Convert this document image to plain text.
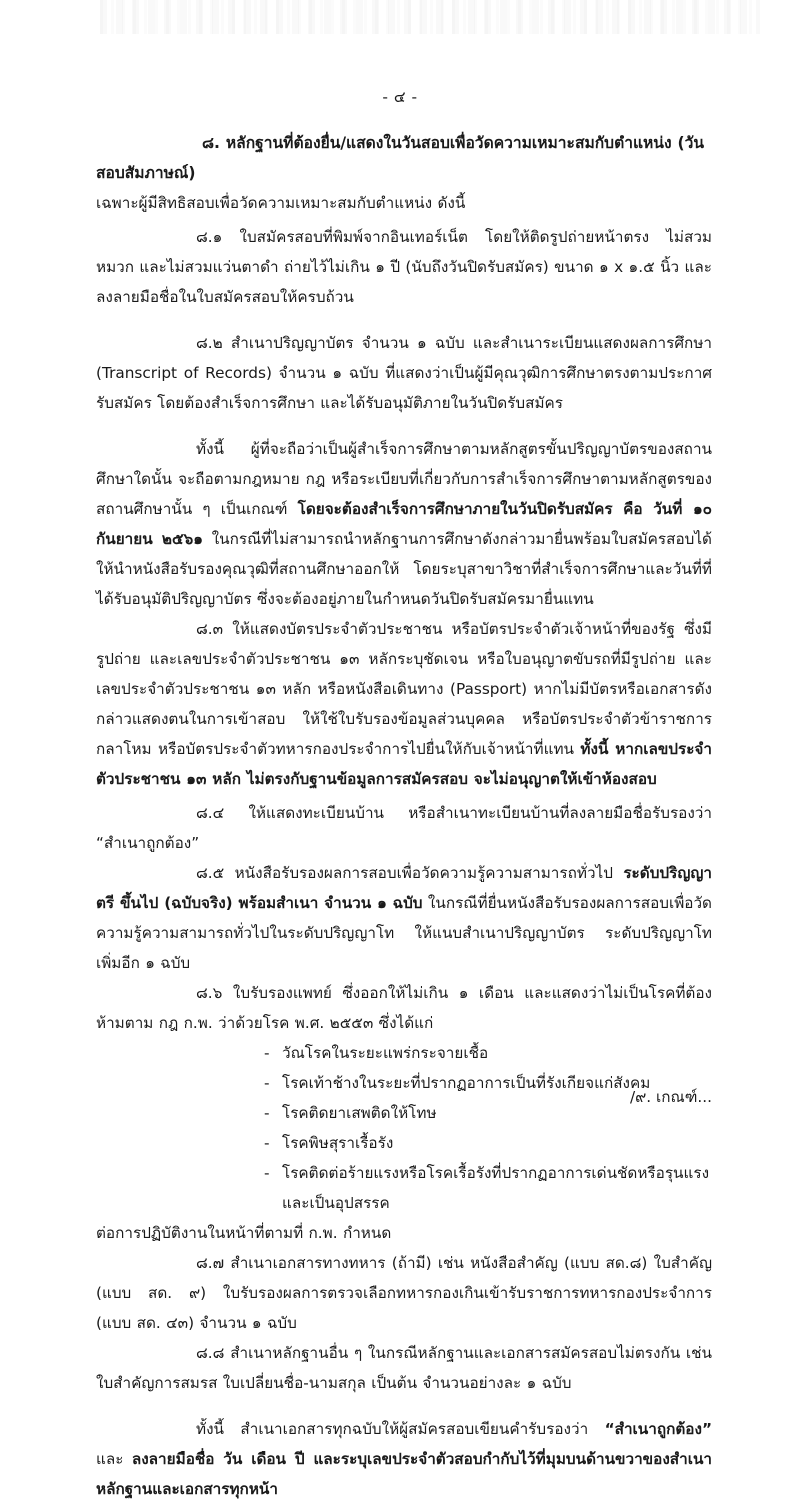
- ๔ -

๘. หลักฐานที่ต้องยื่น/แสดงในวันสอบเพื่อวัดความเหมาะสมกับตำแหน่ง (วันสอบสัมภาษณ์)

เฉพาะผู้มีสิทธิสอบเพื่อวัดความเหมาะสมกับตำแหน่ง ดังนี้

๘.๑ ใบสมัครสอบที่พิมพ์จากอินเทอร์เน็ต โดยให้ติดรูปถ่ายหน้าตรง ไม่สวมหมวก และไม่สวมแว่นตาดำ ถ่ายไว้ไม่เกิน ๑ ปี (นับถึงวันปิดรับสมัคร) ขนาด ๑ x ๑.๕ นิ้ว และลงลายมือชื่อในใบสมัครสอบให้ครบถ้วน

๘.๒ สำเนาปริญญาบัตร จำนวน ๑ ฉบับ และสำเนาระเบียนแสดงผลการศึกษา (Transcript of Records) จำนวน ๑ ฉบับ ที่แสดงว่าเป็นผู้มีคุณวุฒิการศึกษาตรงตามประกาศรับสมัคร โดยต้องสำเร็จการศึกษา และได้รับอนุมัติภายในวันปิดรับสมัคร

ทั้งนี้ ผู้ที่จะถือว่าเป็นผู้สำเร็จการศึกษาตามหลักสูตรขั้นปริญญาบัตรของสถานศึกษาใดนั้น จะถือตามกฎหมาย กฎ หรือระเบียบที่เกี่ยวกับการสำเร็จการศึกษาตามหลักสูตรของสถานศึกษานั้น ๆ เป็นเกณฑ์ โดยจะต้องสำเร็จการศึกษาภายในวันปิดรับสมัคร คือ วันที่ ๑๐ กันยายน ๒๕๖๑ ในกรณีที่ไม่สามารถนำหลักฐานการศึกษาดังกล่าวมายื่นพร้อมใบสมัครสอบได้ให้นำหนังสือรับรองคุณวุฒิที่สถานศึกษาออกให้ โดยระบุสาขาวิชาที่สำเร็จการศึกษาและวันที่ที่ได้รับอนุมัติปริญญาบัตร ซึ่งจะต้องอยู่ภายในกำหนดวันปิดรับสมัครมายื่นแทน

๘.๓ ให้แสดงบัตรประจำตัวประชาชน หรือบัตรประจำตัวเจ้าหน้าที่ของรัฐ ซึ่งมีรูปถ่าย และเลขประจำตัวประชาชน ๑๓ หลักระบุชัดเจน หรือใบอนุญาตขับรถที่มีรูปถ่าย และเลขประจำตัวประชาชน ๑๓ หลัก หรือหนังสือเดินทาง (Passport) หากไม่มีบัตรหรือเอกสารดังกล่าวแสดงตนในการเข้าสอบ ให้ใช้ใบรับรองข้อมูลส่วนบุคคล หรือบัตรประจำตัวข้าราชการกลาโหม หรือบัตรประจำตัวทหารกองประจำการไปยื่นให้กับเจ้าหน้าที่แทน ทั้งนี้ หากเลขประจำตัวประชาชน ๑๓ หลัก ไม่ตรงกับฐานข้อมูลการสมัครสอบ จะไม่อนุญาตให้เข้าห้องสอบ

๘.๔ ให้แสดงทะเบียนบ้าน หรือสำเนาทะเบียนบ้านที่ลงลายมือชื่อรับรองว่า “สำเนาถูกต้อง”

๘.๕ หนังสือรับรองผลการสอบเพื่อวัดความรู้ความสามารถทั่วไป ระดับปริญญาตรี ขึ้นไป (ฉบับจริง) พร้อมสำเนา จำนวน ๑ ฉบับ ในกรณีที่ยื่นหนังสือรับรองผลการสอบเพื่อวัดความรู้ความสามารถทั่วไปในระดับปริญญาโท ให้แนบสำเนาปริญญาบัตร ระดับปริญญาโท เพิ่มอีก ๑ ฉบับ

๘.๖ ใบรับรองแพทย์ ซึ่งออกให้ไม่เกิน ๑ เดือน และแสดงว่าไม่เป็นโรคที่ต้องห้ามตาม กฎ ก.พ. ว่าด้วยโรค พ.ศ. ๒๕๕๓ ซึ่งได้แก่

- วัณโรคในระยะแพร่กระจายเชื้อ
- โรคเท้าช้างในระยะที่ปรากฏอาการเป็นที่รังเกียจแก่สังคม
- โรคติดยาเสพติดให้โทษ
- โรคพิษสุราเรื้อรัง
- โรคติดต่อร้ายแรงหรือโรคเรื้อรังที่ปรากฏอาการเด่นชัดหรือรุนแรงและเป็นอุปสรรค

ต่อการปฏิบัติงานในหน้าที่ตามที่ ก.พ. กำหนด

๘.๗ สำเนาเอกสารทางทหาร (ถ้ามี) เช่น หนังสือสำคัญ (แบบ สด.๘) ใบสำคัญ (แบบ สด. ๙) ใบรับรองผลการตรวจเลือกทหารกองเกินเข้ารับราชการทหารกองประจำการ (แบบ สด. ๔๓) จำนวน ๑ ฉบับ

๘.๘ สำเนาหลักฐานอื่น ๆ ในกรณีหลักฐานและเอกสารสมัครสอบไม่ตรงกัน เช่น ใบสำคัญการสมรส ใบเปลี่ยนชื่อ-นามสกุล เป็นต้น จำนวนอย่างละ ๑ ฉบับ

ทั้งนี้ สำเนาเอกสารทุกฉบับให้ผู้สมัครสอบเขียนคำรับรองว่า “สำเนาถูกต้อง” และ ลงลายมือชื่อ วัน เดือน ปี และระบุเลขประจำตัวสอบกำกับไว้ที่มุมบนด้านขวาของสำเนาหลักฐานและเอกสารทุกหน้า

/๙. เกณฑ์...
